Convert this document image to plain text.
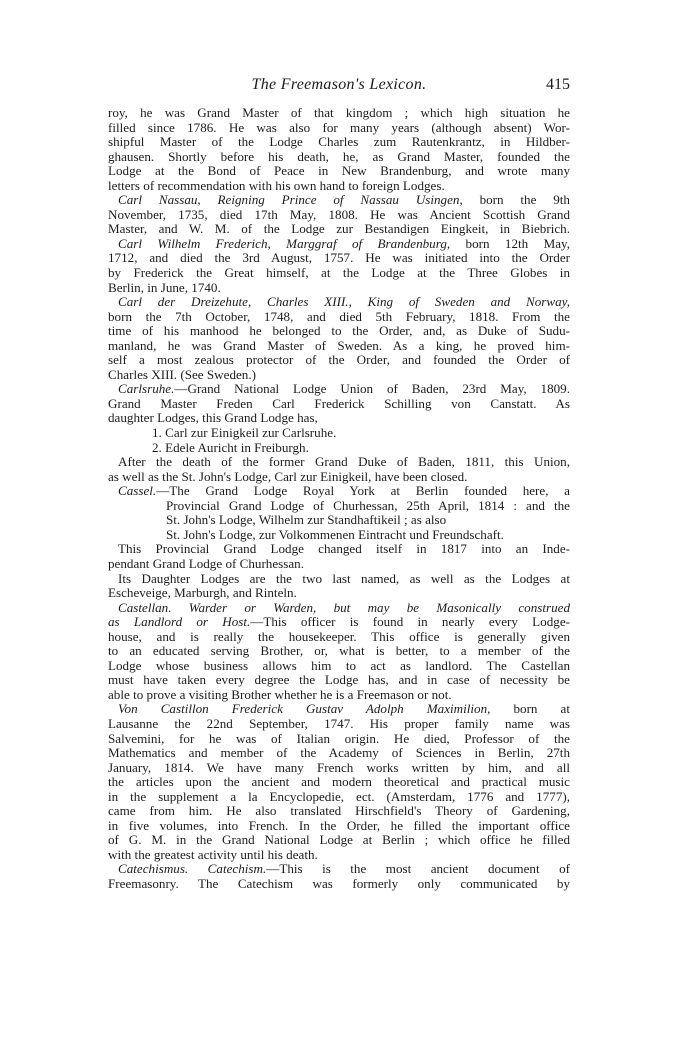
The Freemason's Lexicon.	415
roy, he was Grand Master of that kingdom ; which high situation he
filled since 1786. He was also for many years (although absent) Wor-
shipful Master of the Lodge Charles zum Rautenkrantz, in Hildber-
ghausen. Shortly before his death, he, as Grand Master, founded the
Lodge at the Bond of Peace in New Brandenburg, and wrote many
letters of recommendation with his own hand to foreign Lodges.
Carl Nassau, Reigning Prince of Nassau Usingen, born the 9th
November, 1735, died 17th May, 1808. He was Ancient Scottish Grand
Master, and W. M. of the Lodge zur Bestandigen Eingkeit, in Biebrich.
Carl Wilhelm Frederich, Marggraf of Brandenburg, born 12th May,
1712, and died the 3rd August, 1757. He was initiated into the Order
by Frederick the Great himself, at the Lodge at the Three Globes in
Berlin, in June, 1740.
Carl der Dreizehute, Charles XIII., King of Sweden and Norway,
born the 7th October, 1748, and died 5th February, 1818. From the
time of his manhood he belonged to the Order, and, as Duke of Sudu-
manland, he was Grand Master of Sweden. As a king, he proved him-
self a most zealous protector of the Order, and founded the Order of
Charles XIII. (See Sweden.)
Carlsruhe.—Grand National Lodge Union of Baden, 23rd May, 1809.
Grand Master Freden Carl Frederick Schilling von Canstatt. As
daughter Lodges, this Grand Lodge has,
1. Carl zur Einigkeil zur Carlsruhe.
2. Edele Auricht in Freiburgh.
After the death of the former Grand Duke of Baden, 1811, this Union,
as well as the St. John's Lodge, Carl zur Einigkeil, have been closed.
Cassel.—The Grand Lodge Royal York at Berlin founded here, a
Provincial Grand Lodge of Churhessan, 25th April, 1814 : and the
St. John's Lodge, Wilhelm zur Standhaftikeil ; as also
St. John's Lodge, zur Volkommenen Eintracht und Freundschaft.
This Provincial Grand Lodge changed itself in 1817 into an Inde-
pendant Grand Lodge of Churhessan.
Its Daughter Lodges are the two last named, as well as the Lodges at
Escheveige, Marburgh, and Rinteln.
Castellan. Warder or Warden, but may be Masonically construed
as Landlord or Host.—This officer is found in nearly every Lodge-
house, and is really the housekeeper. This office is generally given
to an educated serving Brother, or, what is better, to a member of the
Lodge whose business allows him to act as landlord. The Castellan
must have taken every degree the Lodge has, and in case of necessity be
able to prove a visiting Brother whether he is a Freemason or not.
Von Castillon Frederick Gustav Adolph Maximilion, born at
Lausanne the 22nd September, 1747. His proper family name was
Salvemini, for he was of Italian origin. He died, Professor of the
Mathematics and member of the Academy of Sciences in Berlin, 27th
January, 1814. We have many French works written by him, and all
the articles upon the ancient and modern theoretical and practical music
in the supplement a la Encyclopedie, ect. (Amsterdam, 1776 and 1777),
came from him. He also translated Hirschfield's Theory of Gardening,
in five volumes, into French. In the Order, he filled the important office
of G. M. in the Grand National Lodge at Berlin ; which office he filled
with the greatest activity until his death.
Catechismus. Catechism.—This is the most ancient document of
Freemasonry. The Catechism was formerly only communicated by
